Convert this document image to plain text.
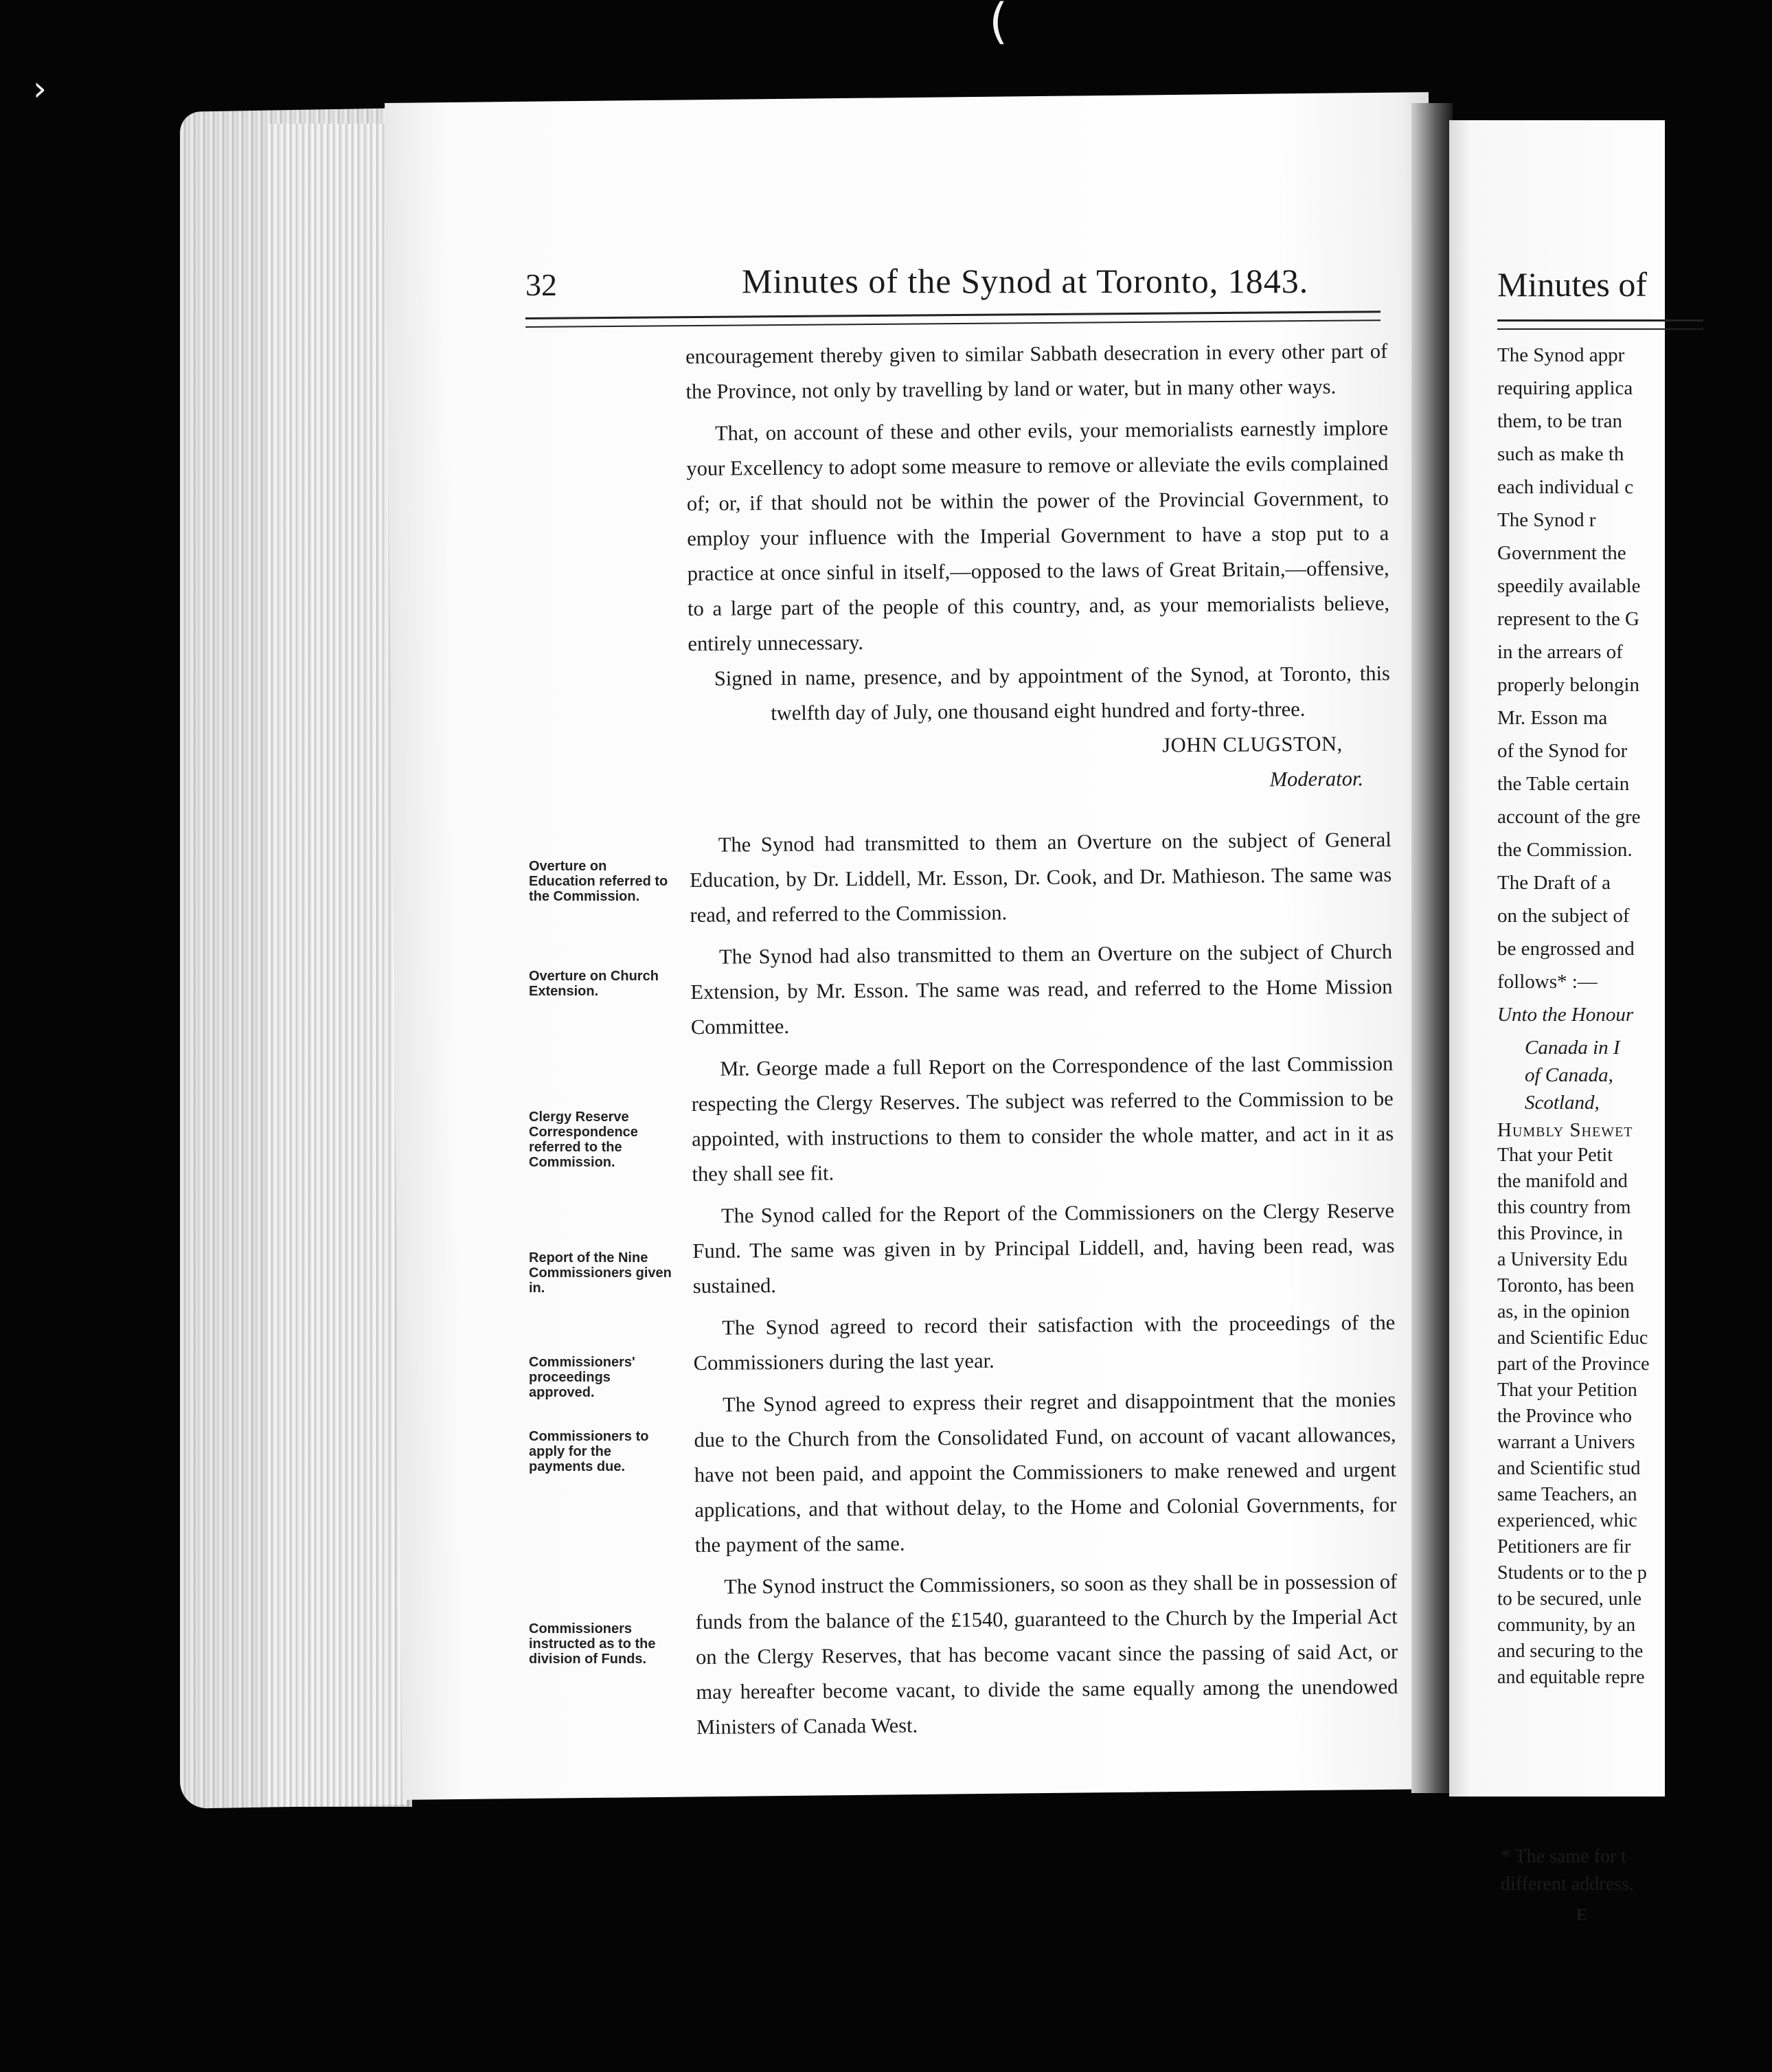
›
(
32	Minutes of the Synod at Toronto, 1843.

encouragement thereby given to similar Sabbath desecration in every other part of the Province, not only by travelling by land or water, but in many other ways.

That, on account of these and other evils, your memorialists earnestly implore your Excellency to adopt some measure to remove or alleviate the evils complained of; or, if that should not be within the power of the Provincial Government, to employ your influence with the Imperial Government to have a stop put to a practice at once sinful in itself,—opposed to the laws of Great Britain,—offensive, to a large part of the people of this country, and, as your memorialists believe, entirely unnecessary.

Signed in name, presence, and by appointment of the Synod, at Toronto, this twelfth day of July, one thousand eight hundred and forty-three.

JOHN CLUGSTON,

Moderator.

The Synod had transmitted to them an Overture on the subject of General Education, by Dr. Liddell, Mr. Esson, Dr. Cook, and Dr. Mathieson. The same was read, and referred to the Commission.

The Synod had also transmitted to them an Overture on the subject of Church Extension, by Mr. Esson. The same was read, and referred to the Home Mission Committee.

Mr. George made a full Report on the Correspondence of the last Commission respecting the Clergy Reserves. The subject was referred to the Commission to be appointed, with instructions to them to consider the whole matter, and act in it as they shall see fit.

The Synod called for the Report of the Commissioners on the Clergy Reserve Fund. The same was given in by Principal Liddell, and, having been read, was sustained.

The Synod agreed to record their satisfaction with the proceedings of the Commissioners during the last year.

The Synod agreed to express their regret and disappointment that the monies due to the Church from the Consolidated Fund, on account of vacant allowances, have not been paid, and appoint the Commissioners to make renewed and urgent applications, and that without delay, to the Home and Colonial Governments, for the payment of the same.

The Synod instruct the Commissioners, so soon as they shall be in possession of funds from the balance of the £1540, guaranteed to the Church by the Imperial Act on the Clergy Reserves, that has become vacant since the passing of said Act, or may hereafter become vacant, to divide the same equally among the unendowed Ministers of Canada West.

Overture on Education referred to the Commission.
Overture on Church Extension.
Clergy Reserve Correspondence referred to the Commission.
Report of the Nine Commissioners given in.
Commissioners' proceedings approved.
Commissioners to apply for the payments due.
Commissioners instructed as to the division of Funds.
Minutes of
The Synod appr
requiring applica
them, to be tran
such as make th
each individual c
The Synod r
Government the
speedily available
represent to the G
in the arrears of
properly belongin
Mr. Esson ma
of the Synod for
the Table certain
account of the gre
the Commission.
The Draft of a
on the subject of
be engrossed and
follows* :—
Unto the Honour
Canada in I
of Canada,
Scotland,
Humbly Shewet
That your Petit
the manifold and
this country from
this Province, in
a University Edu
Toronto, has been
as, in the opinion
and Scientific Educ
part of the Province
That your Petition
the Province who
warrant a Univers
and Scientific stud
same Teachers, an
experienced, whic
Petitioners are fir
Students or to the p
to be secured, unle
community, by an
and securing to the
and equitable repre
* The same for t
different address.
E
